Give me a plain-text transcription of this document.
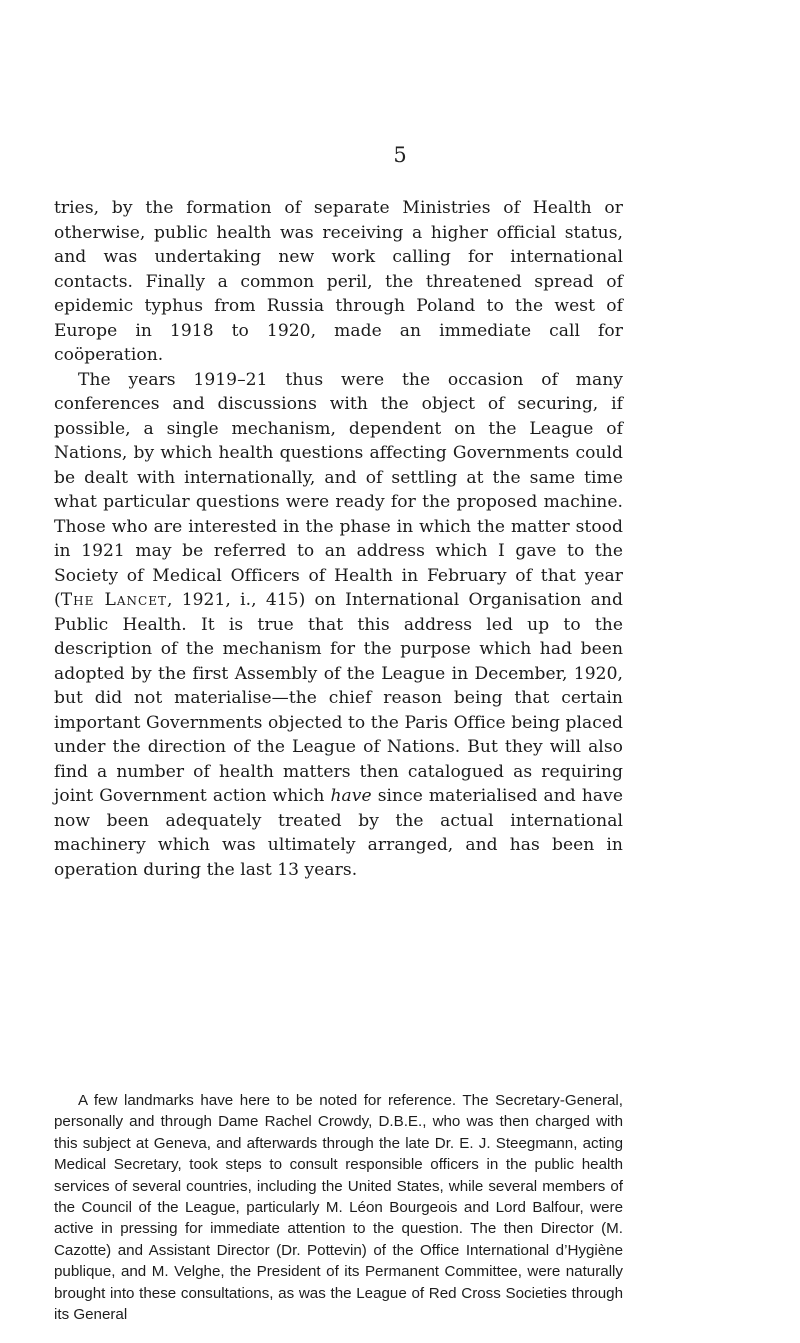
5

tries, by the formation of separate Ministries of Health or otherwise, public health was receiving a higher official status, and was undertaking new work calling for international contacts. Finally a common peril, the threatened spread of epidemic typhus from Russia through Poland to the west of Europe in 1918 to 1920, made an immediate call for coöperation.

The years 1919–21 thus were the occasion of many conferences and discussions with the object of securing, if possible, a single mechanism, dependent on the League of Nations, by which health questions affecting Governments could be dealt with internationally, and of settling at the same time what particular questions were ready for the proposed machine. Those who are interested in the phase in which the matter stood in 1921 may be referred to an address which I gave to the Society of Medical Officers of Health in February of that year (The Lancet, 1921, i., 415) on International Organisation and Public Health. It is true that this address led up to the description of the mechanism for the purpose which had been adopted by the first Assembly of the League in December, 1920, but did not materialise—the chief reason being that certain important Governments objected to the Paris Office being placed under the direction of the League of Nations. But they will also find a number of health matters then catalogued as requiring joint Government action which have since materialised and have now been adequately treated by the actual international machinery which was ultimately arranged, and has been in operation during the last 13 years.

A few landmarks have here to be noted for reference. The Secretary-General, personally and through Dame Rachel Crowdy, D.B.E., who was then charged with this subject at Geneva, and afterwards through the late Dr. E. J. Steegmann, acting Medical Secretary, took steps to consult responsible officers in the public health services of several countries, including the United States, while several members of the Council of the League, particularly M. Léon Bourgeois and Lord Balfour, were active in pressing for immediate attention to the question. The then Director (M. Cazotte) and Assistant Director (Dr. Pottevin) of the Office International d’Hygiène publique, and M. Velghe, the President of its Permanent Committee, were naturally brought into these consultations, as was the League of Red Cross Societies through its General
